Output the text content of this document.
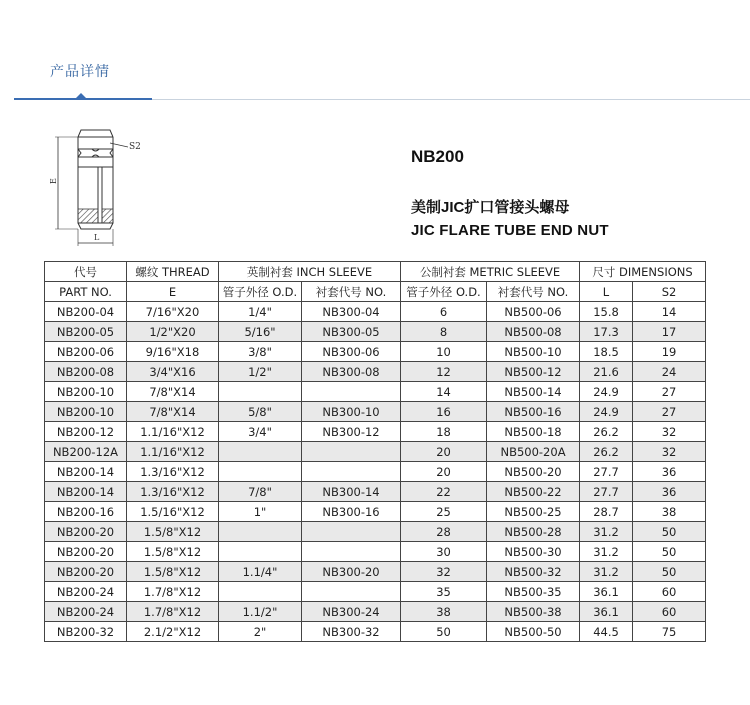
产品详情
S2
E
L
NB200
美制JIC扩口管接头螺母
JIC FLARE TUBE END NUT
代号	螺纹 THREAD	英制衬套 INCH SLEEVE		公制衬套 METRIC SLEEVE		尺寸 DIMENSIONS	
PART NO.	E	管子外径 O.D.	衬套代号 NO.	管子外径 O.D.	衬套代号 NO.	L	S2
NB200-04	7/16"X20	1/4"	NB300-04	6	NB500-06	15.8	14
NB200-05	1/2"X20	5/16"	NB300-05	8	NB500-08	17.3	17
NB200-06	9/16"X18	3/8"	NB300-06	10	NB500-10	18.5	19
NB200-08	3/4"X16	1/2"	NB300-08	12	NB500-12	21.6	24
NB200-10	7/8"X14			14	NB500-14	24.9	27
NB200-10	7/8"X14	5/8"	NB300-10	16	NB500-16	24.9	27
NB200-12	1.1/16"X12	3/4"	NB300-12	18	NB500-18	26.2	32
NB200-12A	1.1/16"X12			20	NB500-20A	26.2	32
NB200-14	1.3/16"X12			20	NB500-20	27.7	36
NB200-14	1.3/16"X12	7/8"	NB300-14	22	NB500-22	27.7	36
NB200-16	1.5/16"X12	1"	NB300-16	25	NB500-25	28.7	38
NB200-20	1.5/8"X12			28	NB500-28	31.2	50
NB200-20	1.5/8"X12			30	NB500-30	31.2	50
NB200-20	1.5/8"X12	1.1/4"	NB300-20	32	NB500-32	31.2	50
NB200-24	1.7/8"X12			35	NB500-35	36.1	60
NB200-24	1.7/8"X12	1.1/2"	NB300-24	38	NB500-38	36.1	60
NB200-32	2.1/2"X12	2"	NB300-32	50	NB500-50	44.5	75
